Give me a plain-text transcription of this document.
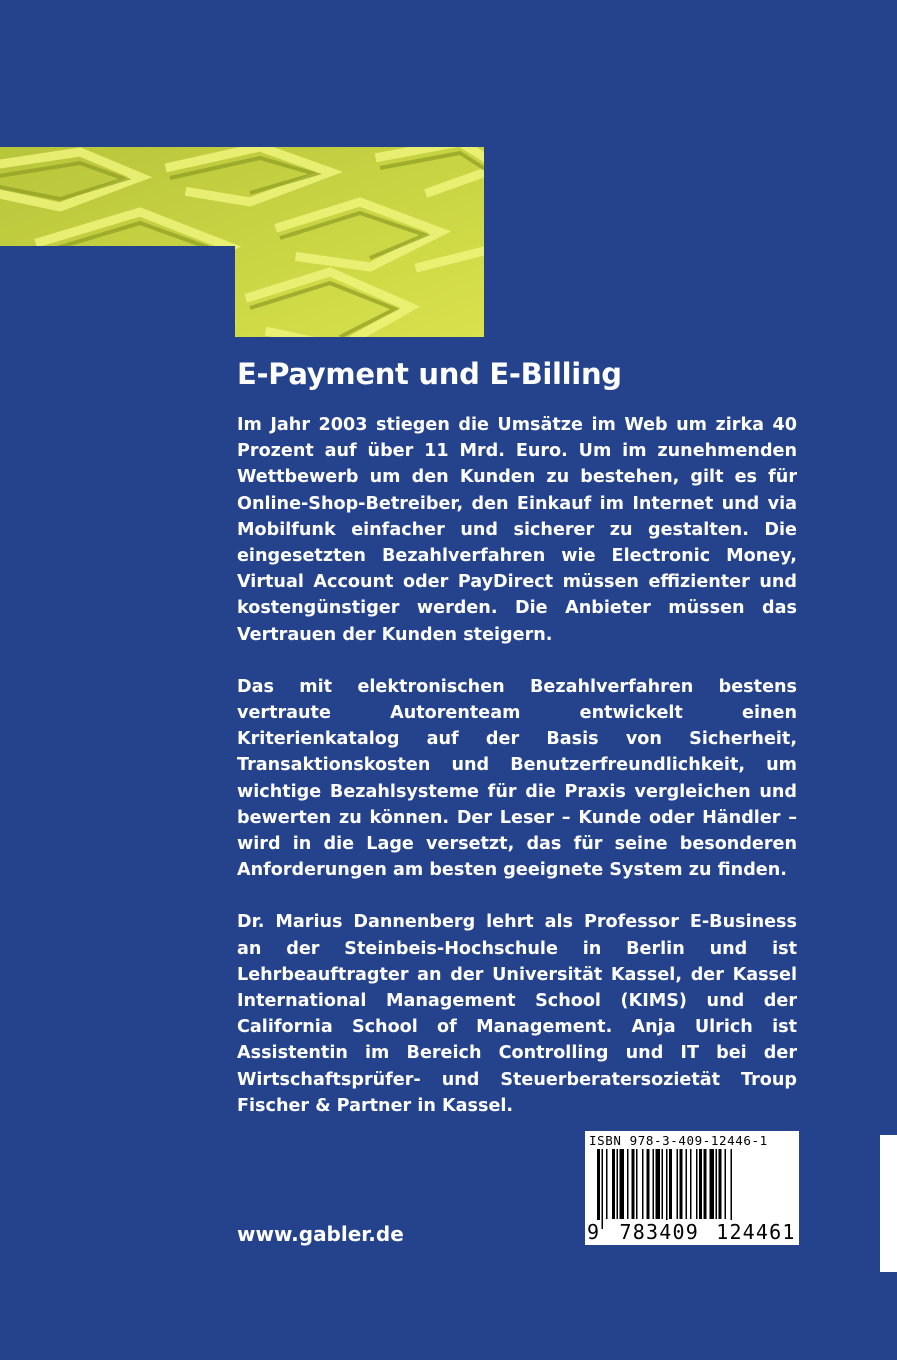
E-Payment und E-Billing

Im Jahr 2003 stiegen die Umsätze im Web um zirka 40 Prozent auf über 11 Mrd. Euro. Um im zunehmenden Wettbewerb um den Kunden zu bestehen, gilt es für Online-Shop-Betreiber, den Einkauf im Internet und via Mobilfunk einfacher und sicherer zu gestalten. Die eingesetzten Bezahlverfahren wie Electronic Money, Virtual Account oder PayDirect müssen effizienter und kostengünstiger werden. Die Anbieter müssen das Vertrauen der Kunden steigern.

Das mit elektronischen Bezahlverfahren bestens vertraute Autorenteam entwickelt einen Kriterienkatalog auf der Basis von Sicherheit, Transaktionskosten und Benutzerfreundlichkeit, um wichtige Bezahlsysteme für die Praxis vergleichen und bewerten zu können. Der Leser – Kunde oder Händler – wird in die Lage versetzt, das für seine besonderen Anforderungen am besten geeignete System zu finden.

Dr. Marius Dannenberg lehrt als Professor E-Business an der Steinbeis-Hochschule in Berlin und ist Lehrbeauftragter an der Universität Kassel, der Kassel International Management School (KIMS) und der California School of Management. Anja Ulrich ist Assistentin im Bereich Controlling und IT bei der Wirtschaftsprüfer- und Steuerberatersozietät Troup Fischer & Partner in Kassel.

ISBN 978-3-409-12446-1
9 783409 124461
www.gabler.de
